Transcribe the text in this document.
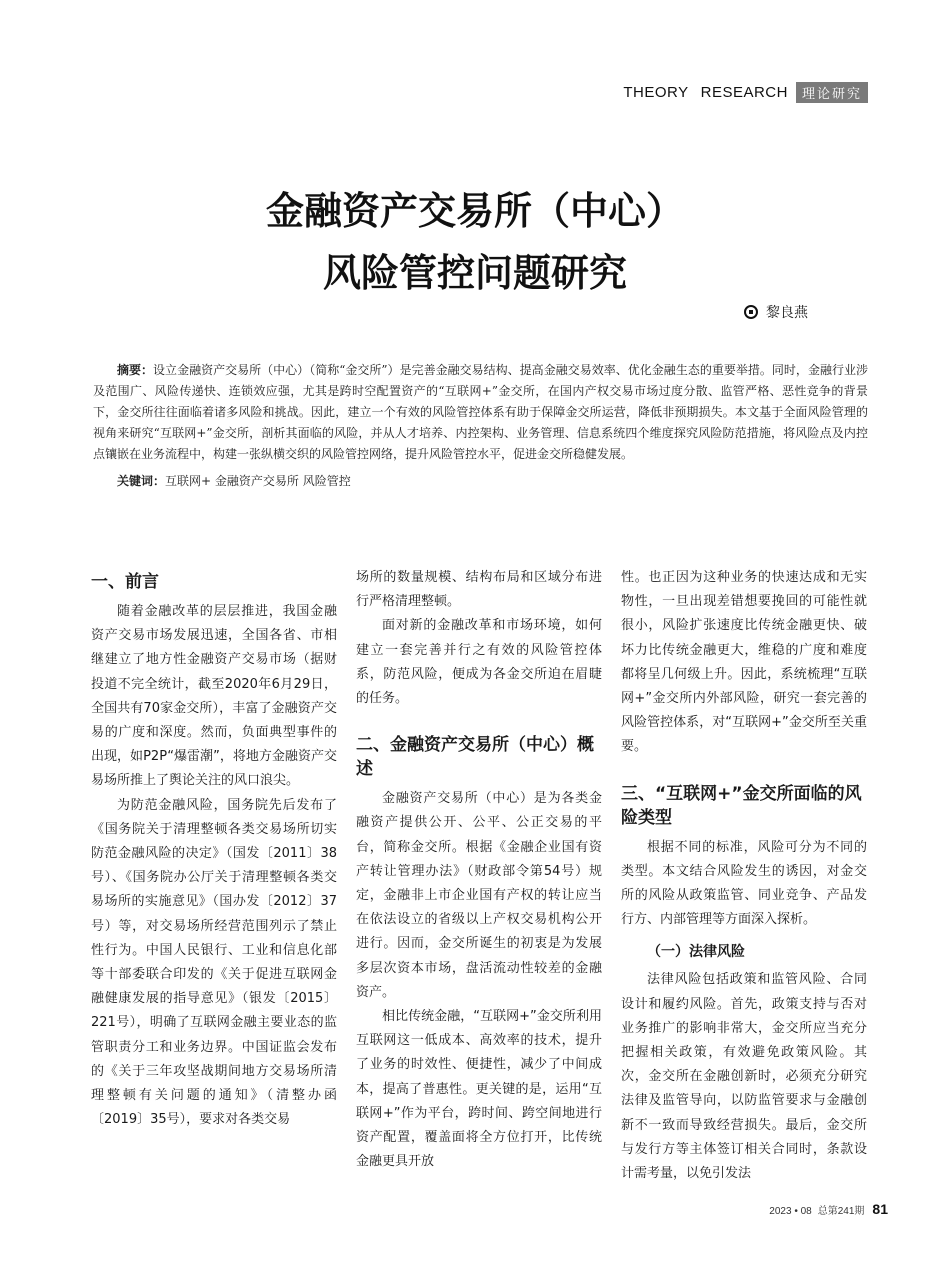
THEORY RESEARCH	理论研究
金融资产交易所（中心）
风险管控问题研究
黎良燕

摘要：设立金融资产交易所（中心）（简称“金交所”）是完善金融交易结构、提高金融交易效率、优化金融生态的重要举措。同时，金融行业涉及范围广、风险传递快、连锁效应强，尤其是跨时空配置资产的“互联网+”金交所，在国内产权交易市场过度分散、监管严格、恶性竞争的背景下，金交所往往面临着诸多风险和挑战。因此，建立一个有效的风险管控体系有助于保障金交所运营，降低非预期损失。本文基于全面风险管理的视角来研究“互联网+”金交所，剖析其面临的风险，并从人才培养、内控架构、业务管理、信息系统四个维度探究风险防范措施，将风险点及内控点镶嵌在业务流程中，构建一张纵横交织的风险管控网络，提升风险管控水平，促进金交所稳健发展。

关键词：互联网+ 金融资产交易所 风险管控

一、前言

随着金融改革的层层推进，我国金融资产交易市场发展迅速，全国各省、市相继建立了地方性金融资产交易市场（据财投道不完全统计，截至2020年6月29日，全国共有70家金交所），丰富了金融资产交易的广度和深度。然而，负面典型事件的出现，如P2P“爆雷潮”，将地方金融资产交易场所推上了舆论关注的风口浪尖。

为防范金融风险，国务院先后发布了《国务院关于清理整顿各类交易场所切实防范金融风险的决定》（国发〔2011〕38号）、《国务院办公厅关于清理整顿各类交易场所的实施意见》（国办发〔2012〕37号）等，对交易场所经营范围列示了禁止性行为。中国人民银行、工业和信息化部等十部委联合印发的《关于促进互联网金融健康发展的指导意见》（银发〔2015〕221号），明确了互联网金融主要业态的监管职责分工和业务边界。中国证监会发布的《关于三年攻坚战期间地方交易场所清理整顿有关问题的通知》（清整办函〔2019〕35号），要求对各类交易

场所的数量规模、结构布局和区域分布进行严格清理整顿。

面对新的金融改革和市场环境，如何建立一套完善并行之有效的风险管控体系，防范风险，便成为各金交所迫在眉睫的任务。

二、金融资产交易所（中心）概述

金融资产交易所（中心）是为各类金融资产提供公开、公平、公正交易的平台，简称金交所。根据《金融企业国有资产转让管理办法》（财政部令第54号）规定，金融非上市企业国有产权的转让应当在依法设立的省级以上产权交易机构公开进行。因而，金交所诞生的初衷是为发展多层次资本市场，盘活流动性较差的金融资产。

相比传统金融，“互联网+”金交所利用互联网这一低成本、高效率的技术，提升了业务的时效性、便捷性，减少了中间成本，提高了普惠性。更关键的是，运用“互联网+”作为平台，跨时间、跨空间地进行资产配置，覆盖面将全方位打开，比传统金融更具开放

性。也正因为这种业务的快速达成和无实物性，一旦出现差错想要挽回的可能性就很小，风险扩张速度比传统金融更快、破坏力比传统金融更大，维稳的广度和难度都将呈几何级上升。因此，系统梳理“互联网+”金交所内外部风险，研究一套完善的风险管控体系，对“互联网+”金交所至关重要。

三、“互联网+”金交所面临的风险类型

根据不同的标准，风险可分为不同的类型。本文结合风险发生的诱因，对金交所的风险从政策监管、同业竞争、产品发行方、内部管理等方面深入探析。

（一）法律风险

法律风险包括政策和监管风险、合同设计和履约风险。首先，政策支持与否对业务推广的影响非常大，金交所应当充分把握相关政策，有效避免政策风险。其次，金交所在金融创新时，必须充分研究法律及监管导向，以防监管要求与金融创新不一致而导致经营损失。最后，金交所与发行方等主体签订相关合同时，条款设计需考量，以免引发法

2023 • 08 总第241期 81
